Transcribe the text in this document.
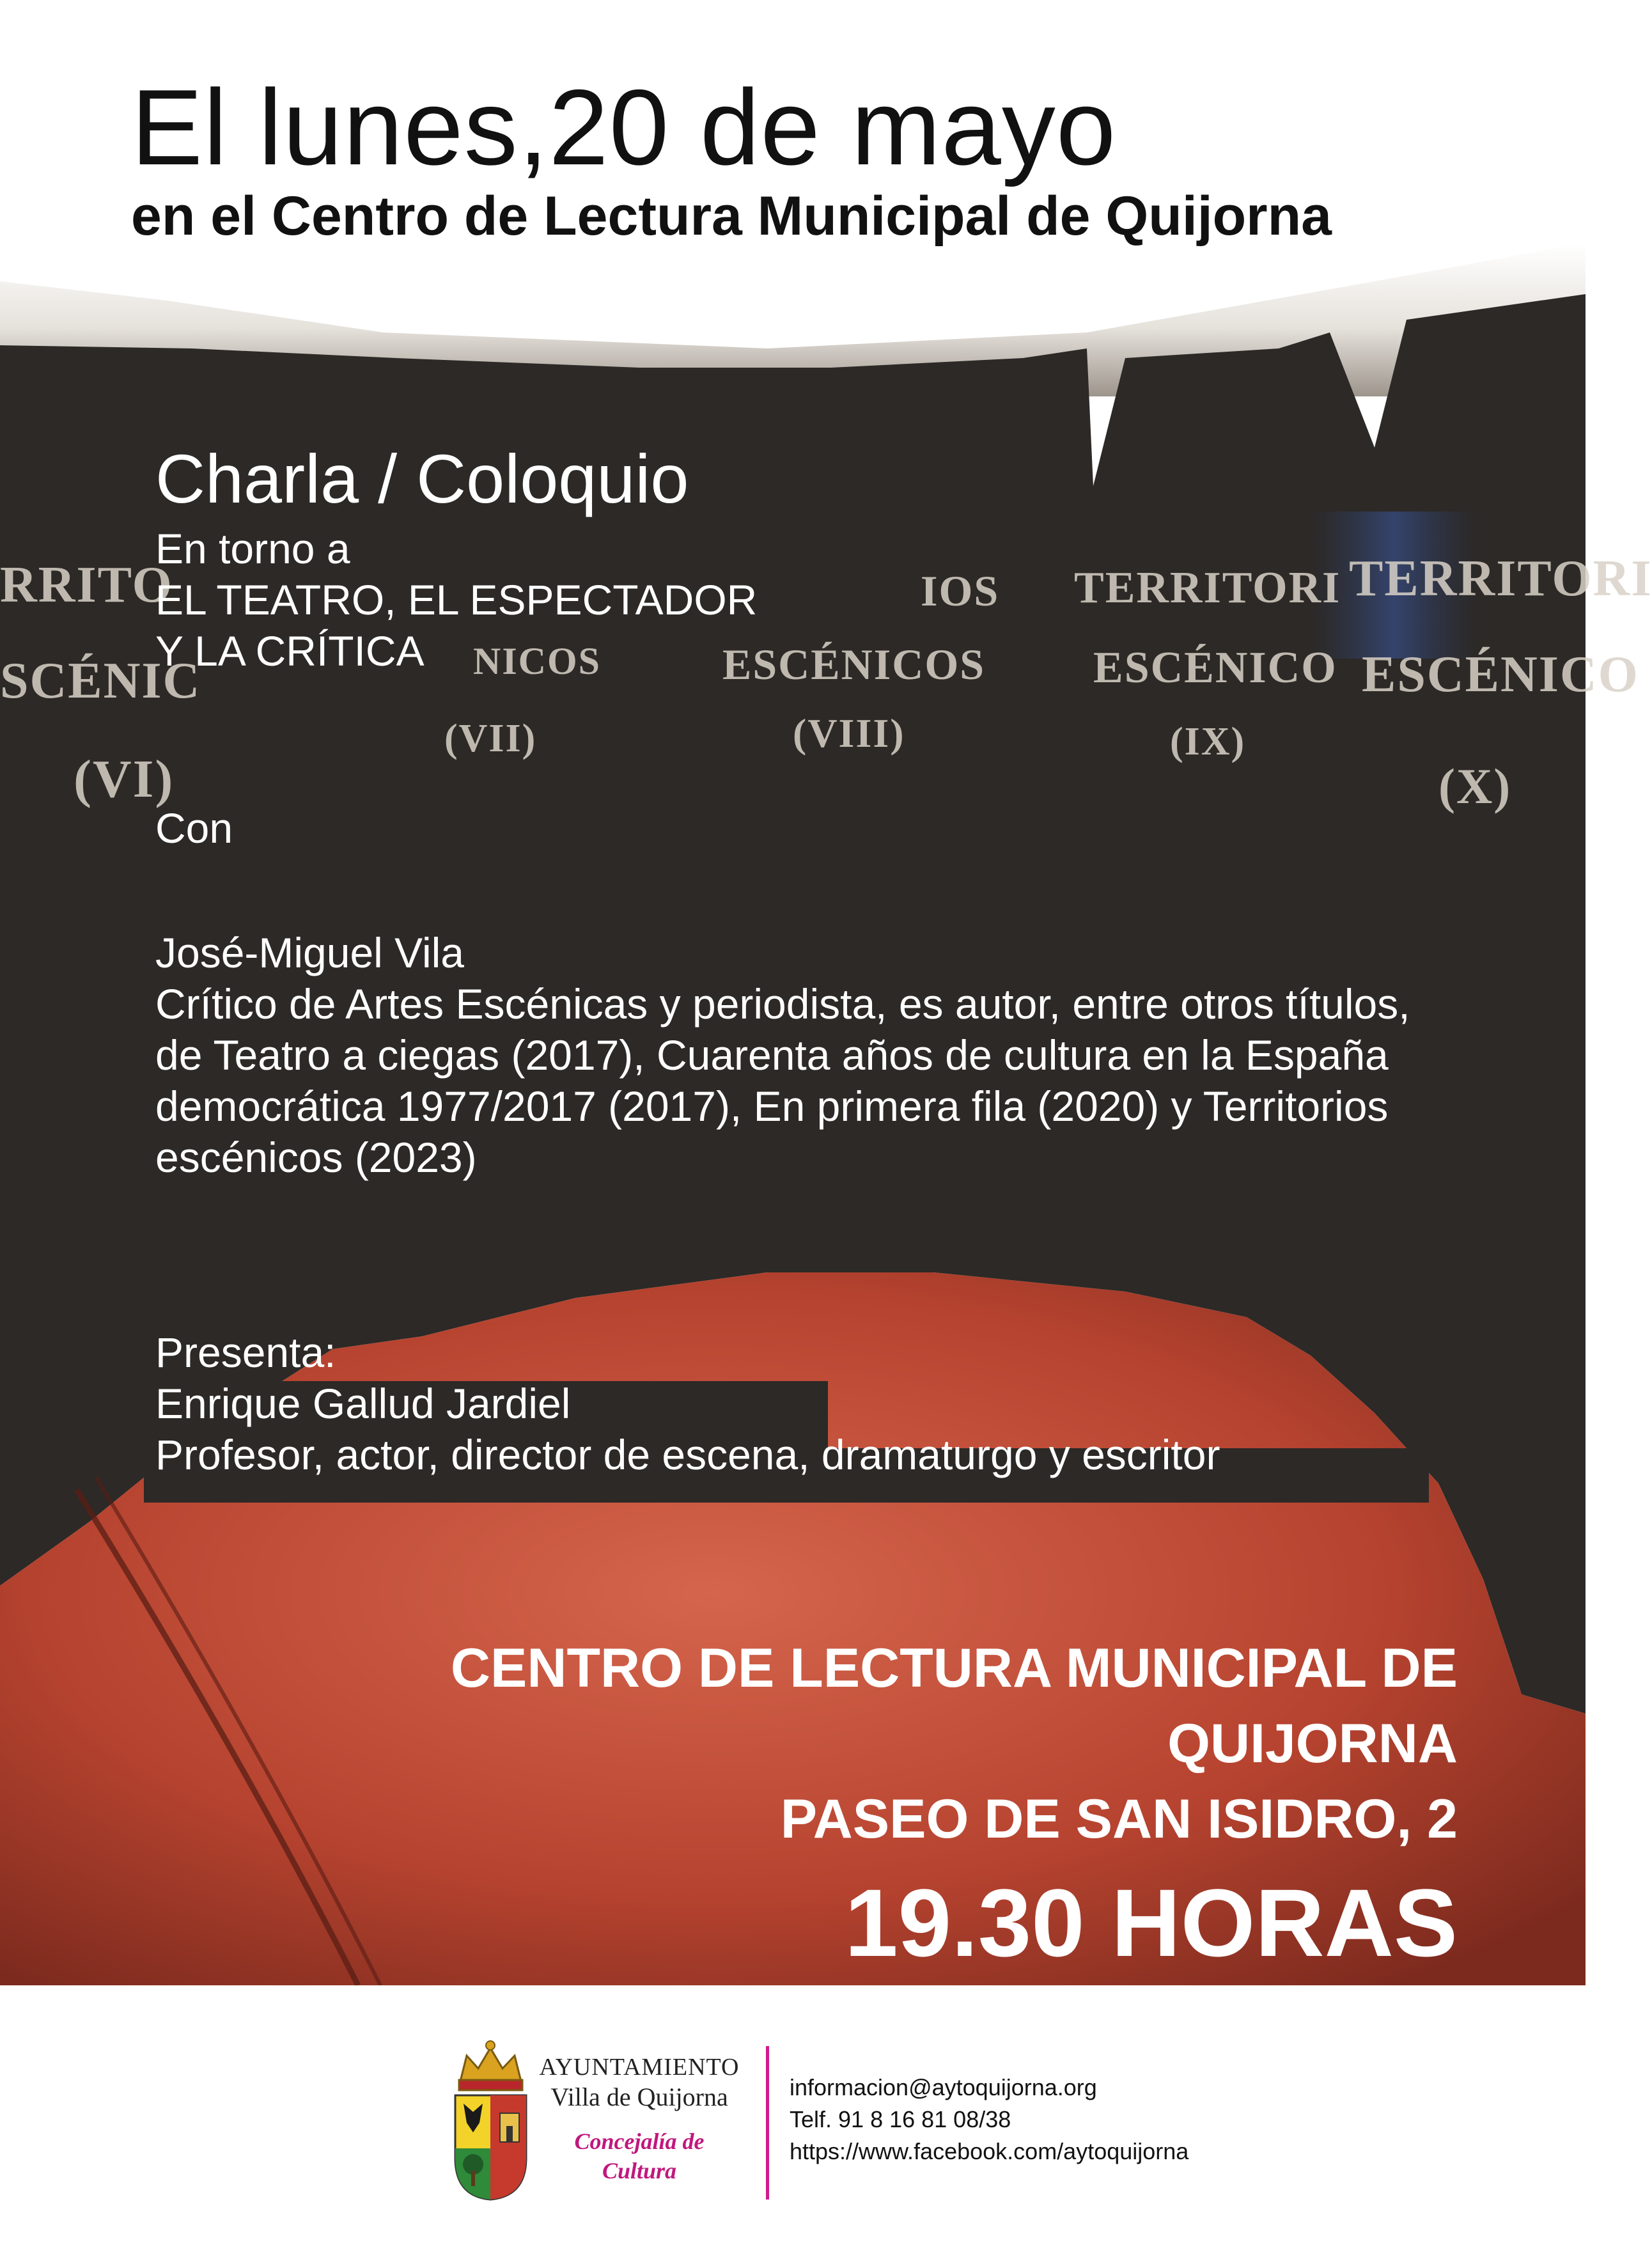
RRITO
SCÉNIC
(VI)
IOS
NICOS
(VII)
ESCÉNICOS
(VIII)
TERRITORI
ESCÉNICO
(IX)
TERRITORI
ESCÉNICO
(X)
El lunes,20 de mayo
en el Centro de Lectura Municipal de Quijorna
Charla / Coloquio
En torno a
EL TEATRO, EL ESPECTADOR
Y LA CRÍTICA
Con
José-Miguel Vila
Crítico de Artes Escénicas y periodista, es autor, entre otros títulos, de Teatro a ciegas (2017), Cuarenta años de cultura en la España democrática 1977/2017 (2017), En primera fila (2020) y Territorios escénicos (2023)
Presenta:
Enrique Gallud Jardiel
Profesor, actor, director de escena, dramaturgo y escritor
CENTRO DE LECTURA MUNICIPAL DE
QUIJORNA
PASEO DE SAN ISIDRO, 2
19.30 HORAS
AYUNTAMIENTO
Villa de Quijorna
Concejalía de
Cultura
informacion@aytoquijorna.org
Telf. 91 8 16 81 08/38
https://www.facebook.com/aytoquijorna
